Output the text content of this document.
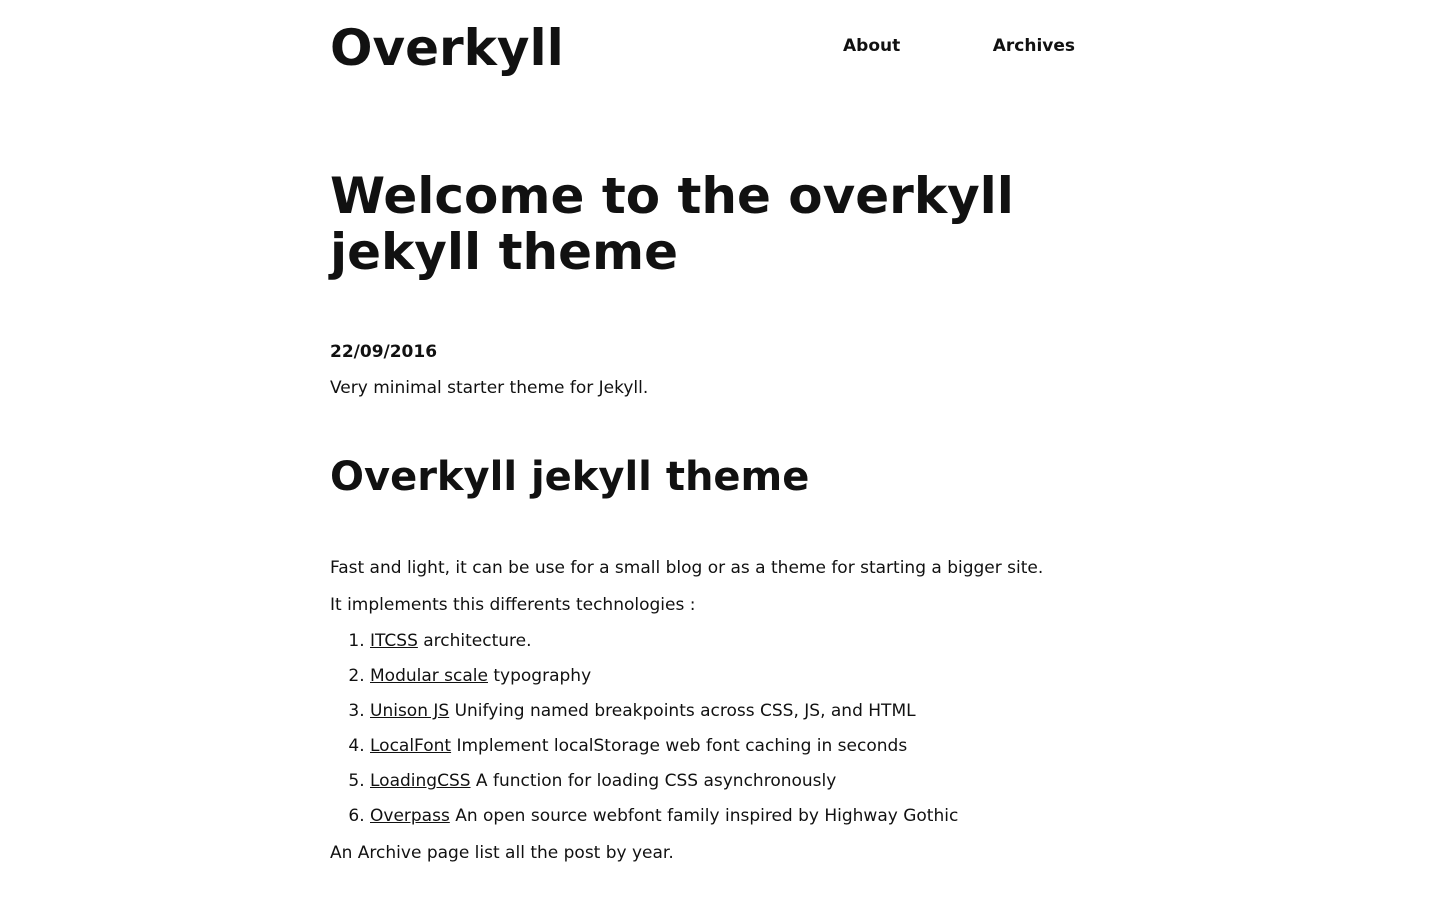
Overkyll	About	Archives
Welcome to the overkyll jekyll theme

22/09/2016

Very minimal starter theme for Jekyll.

Overkyll jekyll theme

Fast and light, it can be use for a small blog or as a theme for starting a bigger site.

It implements this differents technologies :

1. ITCSS architecture.
2. Modular scale typography
3. Unison JS Unifying named breakpoints across CSS, JS, and HTML
4. LocalFont Implement localStorage web font caching in seconds
5. LoadingCSS A function for loading CSS asynchronously
6. Overpass An open source webfont family inspired by Highway Gothic

An Archive page list all the post by year.
